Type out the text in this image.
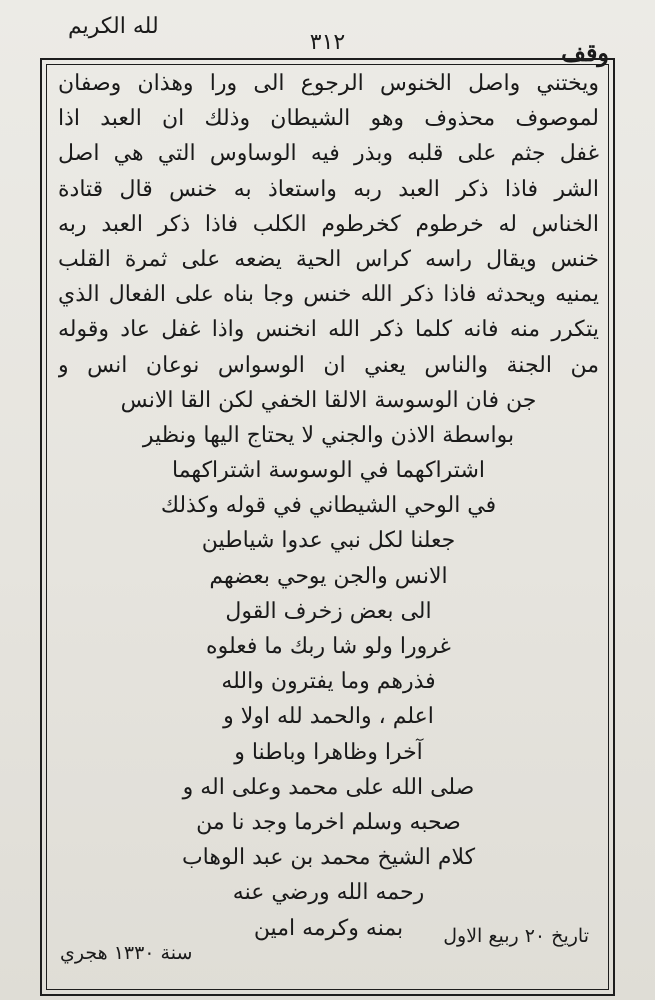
لله الكريم
٣١٢	وقف
ويختني واصل الخنوس الرجوع الى ورا وهذان وصفان
لموصوف محذوف وهو الشيطان وذلك ان العبد اذا
غفل جثم على قلبه وبذر فيه الوساوس التي هي اصل
الشر فاذا ذكر العبد ربه واستعاذ به خنس قال قتادة
الخناس له خرطوم كخرطوم الكلب فاذا ذكر العبد ربه
خنس ويقال راسه كراس الحية يضعه على ثمرة القلب
يمنيه ويحدثه فاذا ذكر الله خنس وجا بناه على الفعال الذي
يتكرر منه فانه كلما ذكر الله انخنس واذا غفل عاد وقوله
من الجنة والناس يعني ان الوسواس نوعان انس و
جن فان الوسوسة الالقا الخفي لكن القا الانس
بواسطة الاذن والجني لا يحتاج اليها ونظير
اشتراكهما في الوسوسة اشتراكهما
في الوحي الشيطاني في قوله وكذلك
جعلنا لكل نبي عدوا شياطين
الانس والجن يوحي بعضهم
الى بعض زخرف القول
غرورا ولو شا ربك ما فعلوه
فذرهم وما يفترون والله
اعلم ، والحمد لله اولا و
آخرا وظاهرا وباطنا و
صلى الله على محمد وعلى اله و
صحبه وسلم اخرما وجد نا من
كلام الشيخ محمد بن عبد الوهاب
رحمه الله ورضي عنه
بمنه وكرمه امين
سنة ١٣٣٠ هجري
تاريخ ٢٠ ربيع الاول
